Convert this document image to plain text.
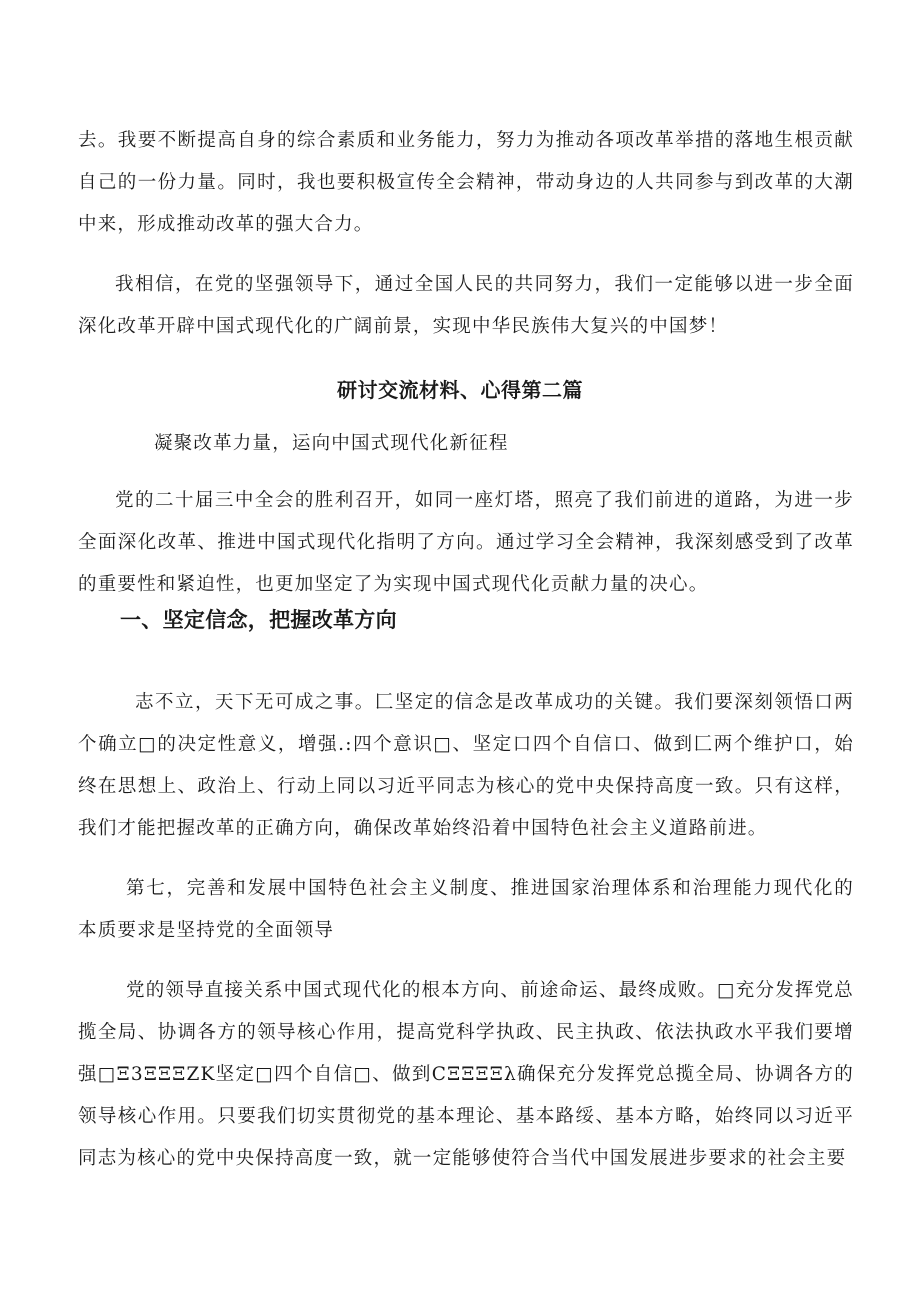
去。我要不断提高自身的综合素质和业务能力，努力为推动各项改革举措的落地生根贡献自己的一份力量。同时，我也要积极宣传全会精神，带动身边的人共同参与到改革的大潮中来，形成推动改革的强大合力。

我相信，在党的坚强领导下，通过全国人民的共同努力，我们一定能够以进一步全面深化改革开辟中国式现代化的广阔前景，实现中华民族伟大复兴的中国梦！

研讨交流材料、心得第二篇

凝聚改革力量，运向中国式现代化新征程

党的二十届三中全会的胜利召开，如同一座灯塔，照亮了我们前进的道路，为进一步全面深化改革、推进中国式现代化指明了方向。通过学习全会精神，我深刻感受到了改革的重要性和紧迫性，也更加坚定了为实现中国式现代化贡献力量的决心。

一、坚定信念，把握改革方向

志不立，天下无可成之事。匚坚定的信念是改革成功的关键。我们要深刻领悟口两个确立□的决定性意义，增强.:四个意识□、坚定口四个自信口、做到匚两个维护口，始终在思想上、政治上、行动上同以习近平同志为核心的党中央保持高度一致。只有这样，我们才能把握改革的正确方向，确保改革始终沿着中国特色社会主义道路前进。

第七，完善和发展中国特色社会主义制度、推进国家治理体系和治理能力现代化的本质要求是坚持党的全面领导

党的领导直接关系中国式现代化的根本方向、前途命运、最终成败。□充分发挥党总揽全局、协调各方的领导核心作用，提高党科学执政、民主执政、依法执政水平我们要增强□Ξ3ΞΞΞZK坚定□四个自信□、做到CΞΞΞΞλ确保充分发挥党总揽全局、协调各方的领导核心作用。只要我们切实贯彻党的基本理论、基本路绥、基本方略，始终同以习近平同志为核心的党中央保持高度一致，就一定能够使符合当代中国发展进步要求的社会主要
